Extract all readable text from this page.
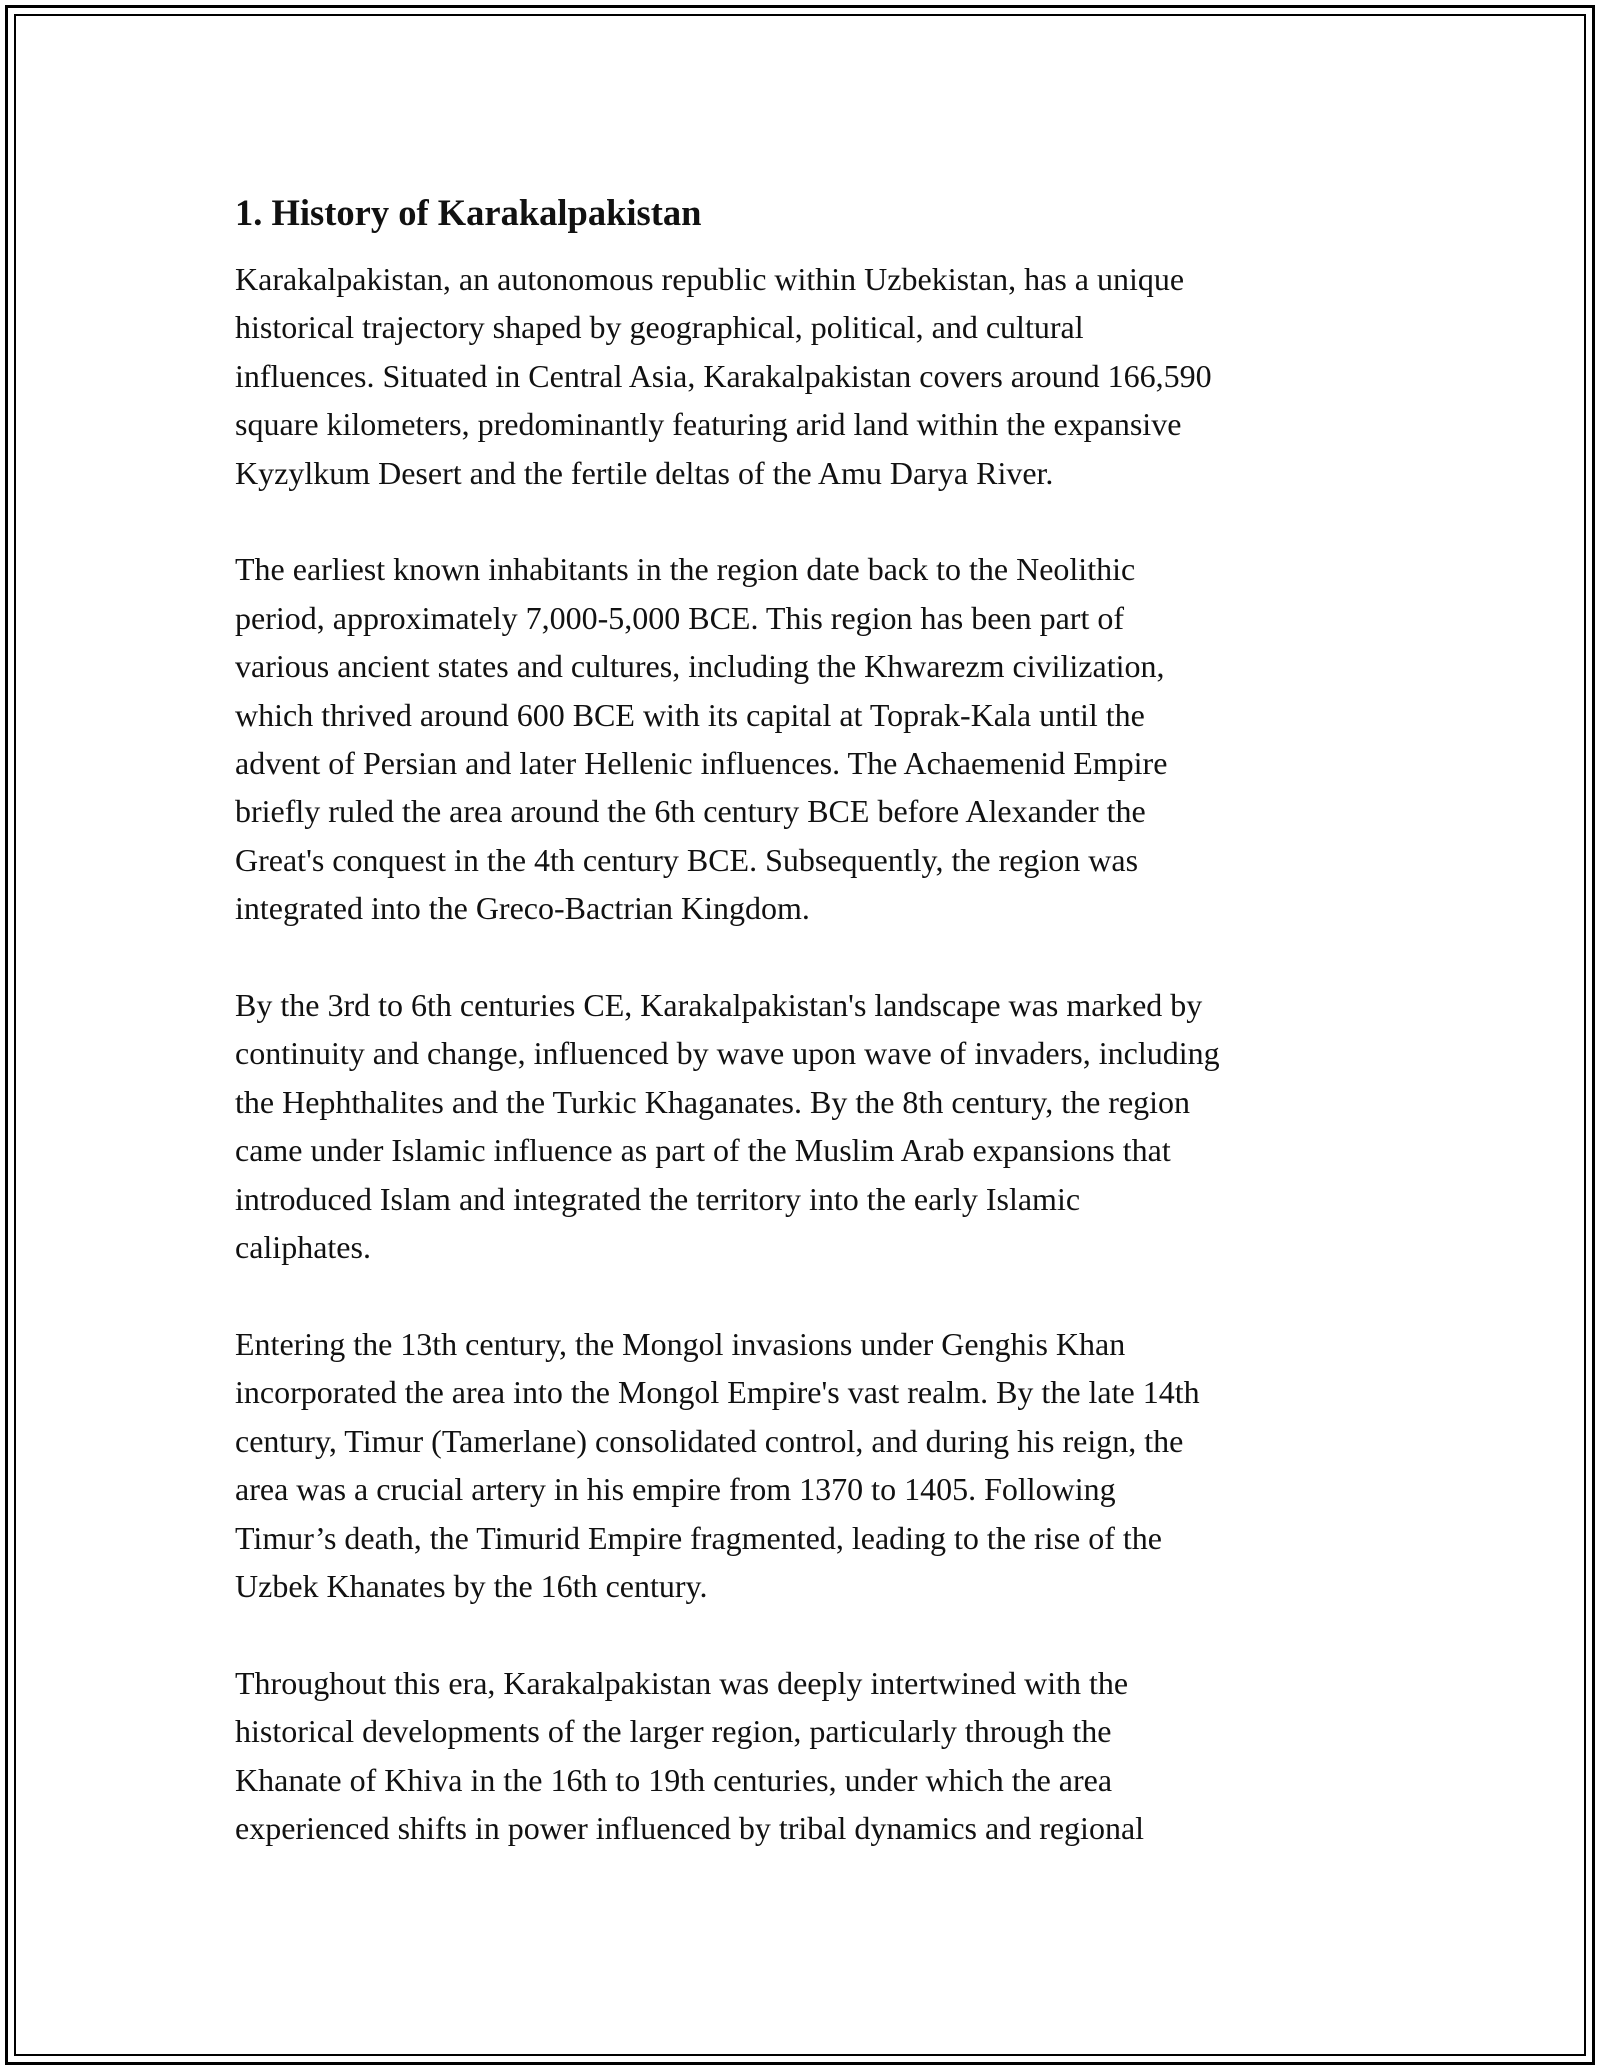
1. History of Karakalpakistan
Karakalpakistan, an autonomous republic within Uzbekistan, has a unique
historical trajectory shaped by geographical, political, and cultural
influences. Situated in Central Asia, Karakalpakistan covers around 166,590
square kilometers, predominantly featuring arid land within the expansive
Kyzylkum Desert and the fertile deltas of the Amu Darya River.
The earliest known inhabitants in the region date back to the Neolithic
period, approximately 7,000-5,000 BCE. This region has been part of
various ancient states and cultures, including the Khwarezm civilization,
which thrived around 600 BCE with its capital at Toprak-Kala until the
advent of Persian and later Hellenic influences. The Achaemenid Empire
briefly ruled the area around the 6th century BCE before Alexander the
Great's conquest in the 4th century BCE. Subsequently, the region was
integrated into the Greco-Bactrian Kingdom.
By the 3rd to 6th centuries CE, Karakalpakistan's landscape was marked by
continuity and change, influenced by wave upon wave of invaders, including
the Hephthalites and the Turkic Khaganates. By the 8th century, the region
came under Islamic influence as part of the Muslim Arab expansions that
introduced Islam and integrated the territory into the early Islamic
caliphates.
Entering the 13th century, the Mongol invasions under Genghis Khan
incorporated the area into the Mongol Empire's vast realm. By the late 14th
century, Timur (Tamerlane) consolidated control, and during his reign, the
area was a crucial artery in his empire from 1370 to 1405. Following
Timur’s death, the Timurid Empire fragmented, leading to the rise of the
Uzbek Khanates by the 16th century.
Throughout this era, Karakalpakistan was deeply intertwined with the
historical developments of the larger region, particularly through the
Khanate of Khiva in the 16th to 19th centuries, under which the area
experienced shifts in power influenced by tribal dynamics and regional
